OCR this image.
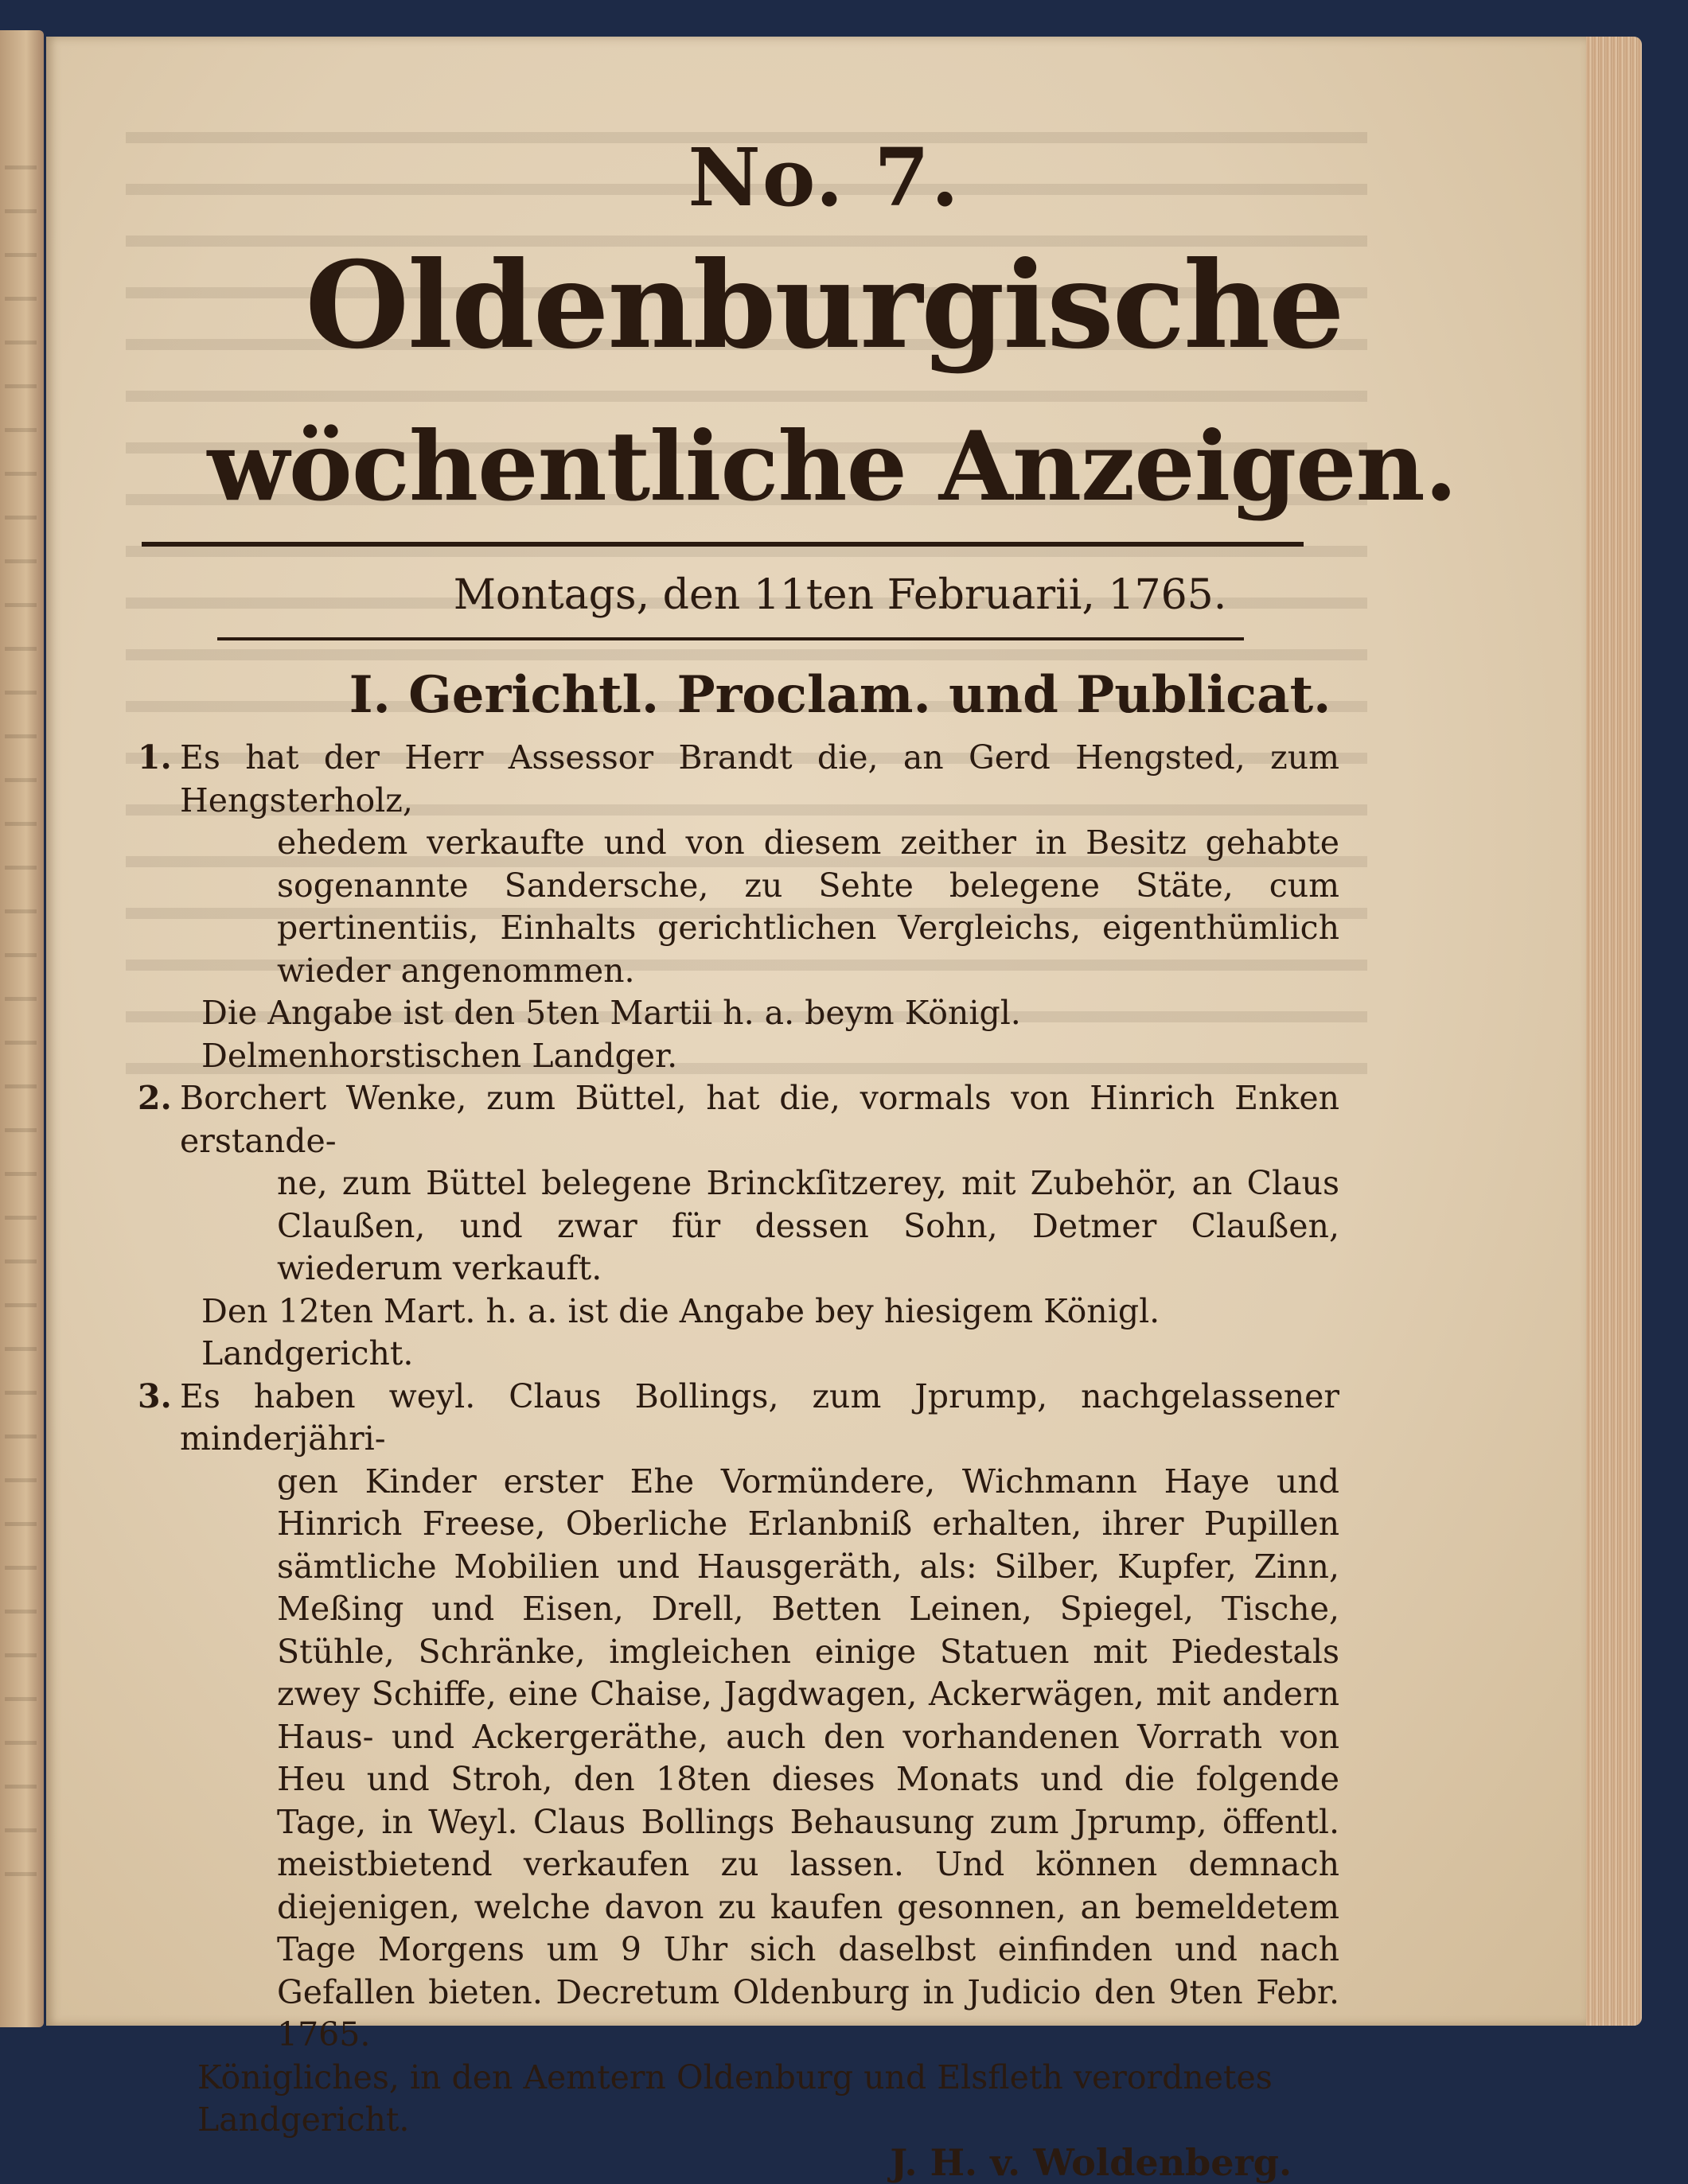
No. 7.
Oldenburgische
wöchentliche Anzeigen.
Montags, den 11ten Februarii, 1765.
I. Gerichtl. Proclam. und Publicat.
1. Es hat der Herr Assessor Brandt die, an Gerd Hengsted, zum Hengsterholz,
ehedem verkaufte und von diesem zeither in Besitz gehabte sogenannte Sandersche, zu Sehte belegene Stäte, cum pertinentiis, Einhalts gerichtlichen Vergleichs, eigenthümlich wieder angenommen.
Die Angabe ist den 5ten Martii h. a. beym Königl. Delmenhorstischen Landger.
2. Borchert Wenke, zum Büttel, hat die, vormals von Hinrich Enken erstande-
ne, zum Büttel belegene Brinckſitzerey, mit Zubehör, an Claus Claußen, und zwar für dessen Sohn, Detmer Claußen, wiederum verkauft.
Den 12ten Mart. h. a. ist die Angabe bey hiesigem Königl. Landgericht.
3. Es haben weyl. Claus Bollings, zum Jprump, nachgelassener minderjähri-
gen Kinder erster Ehe Vormündere, Wichmann Haye und Hinrich Freese, Oberliche Erlanbniß erhalten, ihrer Pupillen sämtliche Mobilien und Hausgeräth, als: Silber, Kupfer, Zinn, Meßing und Eisen, Drell, Betten Leinen, Spiegel, Tische, Stühle, Schränke, imgleichen einige Statuen mit Piedestals zwey Schiffe, eine Chaise, Jagdwagen, Ackerwägen, mit andern Haus- und Ackergeräthe, auch den vorhandenen Vorrath von Heu und Stroh, den 18ten dieses Monats und die folgende Tage, in Weyl. Claus Bollings Behausung zum Jprump, öffentl. meistbietend verkaufen zu lassen. Und können demnach diejenigen, welche davon zu kaufen gesonnen, an bemeldetem Tage Morgens um 9 Uhr sich daselbst einfinden und nach Gefallen bieten. Decretum Oldenburg in Judicio den 9ten Febr. 1765.
Königliches, in den Aemtern Oldenburg und Elsfleth verordnetes Landgericht.
J. H. v. Woldenberg.
